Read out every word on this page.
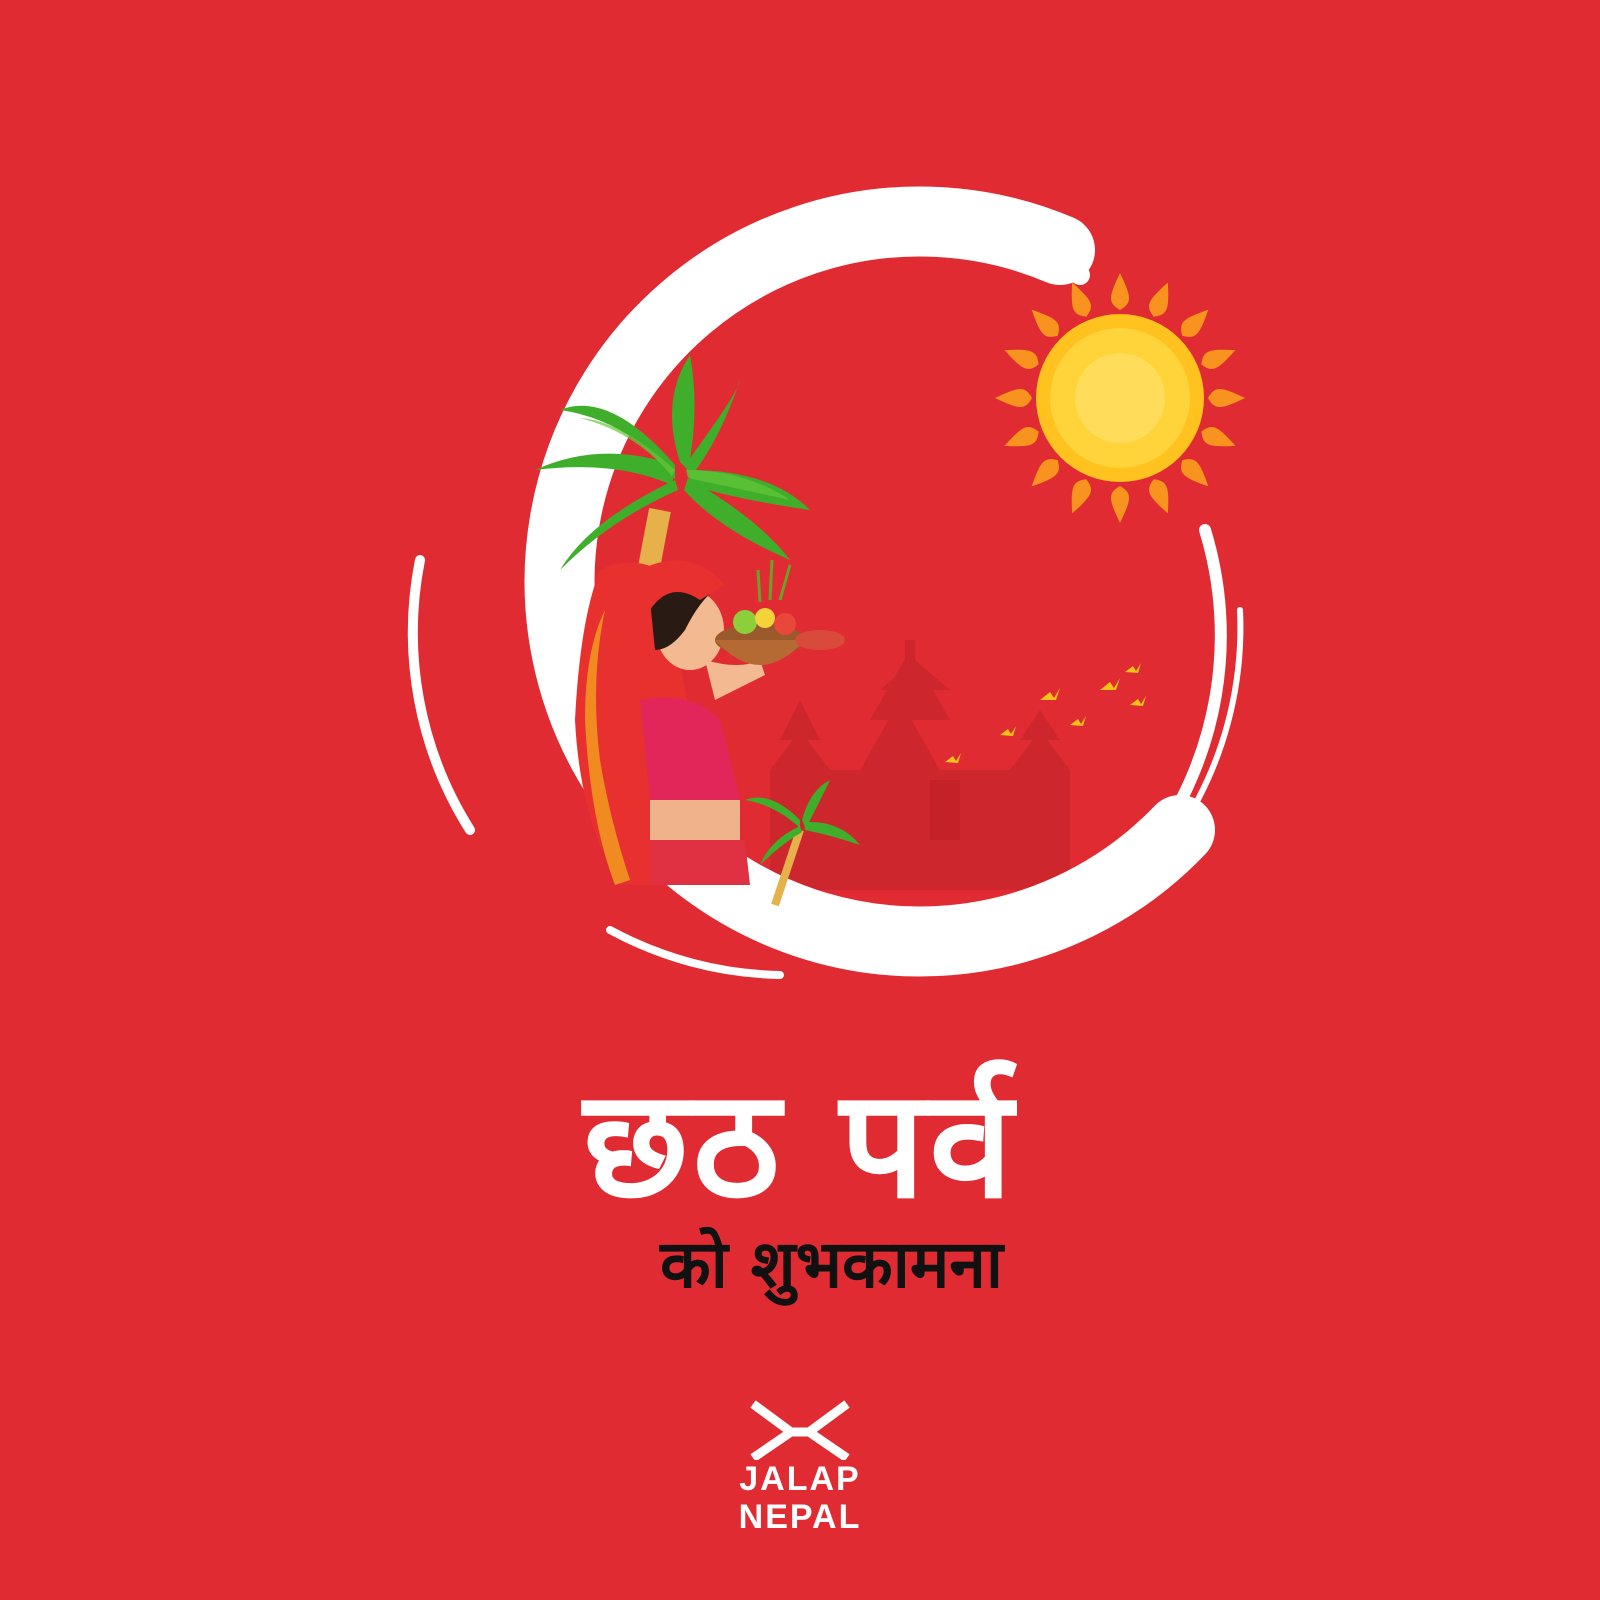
छठ पर्व
को शुभकामना
JALAP
NEPAL
